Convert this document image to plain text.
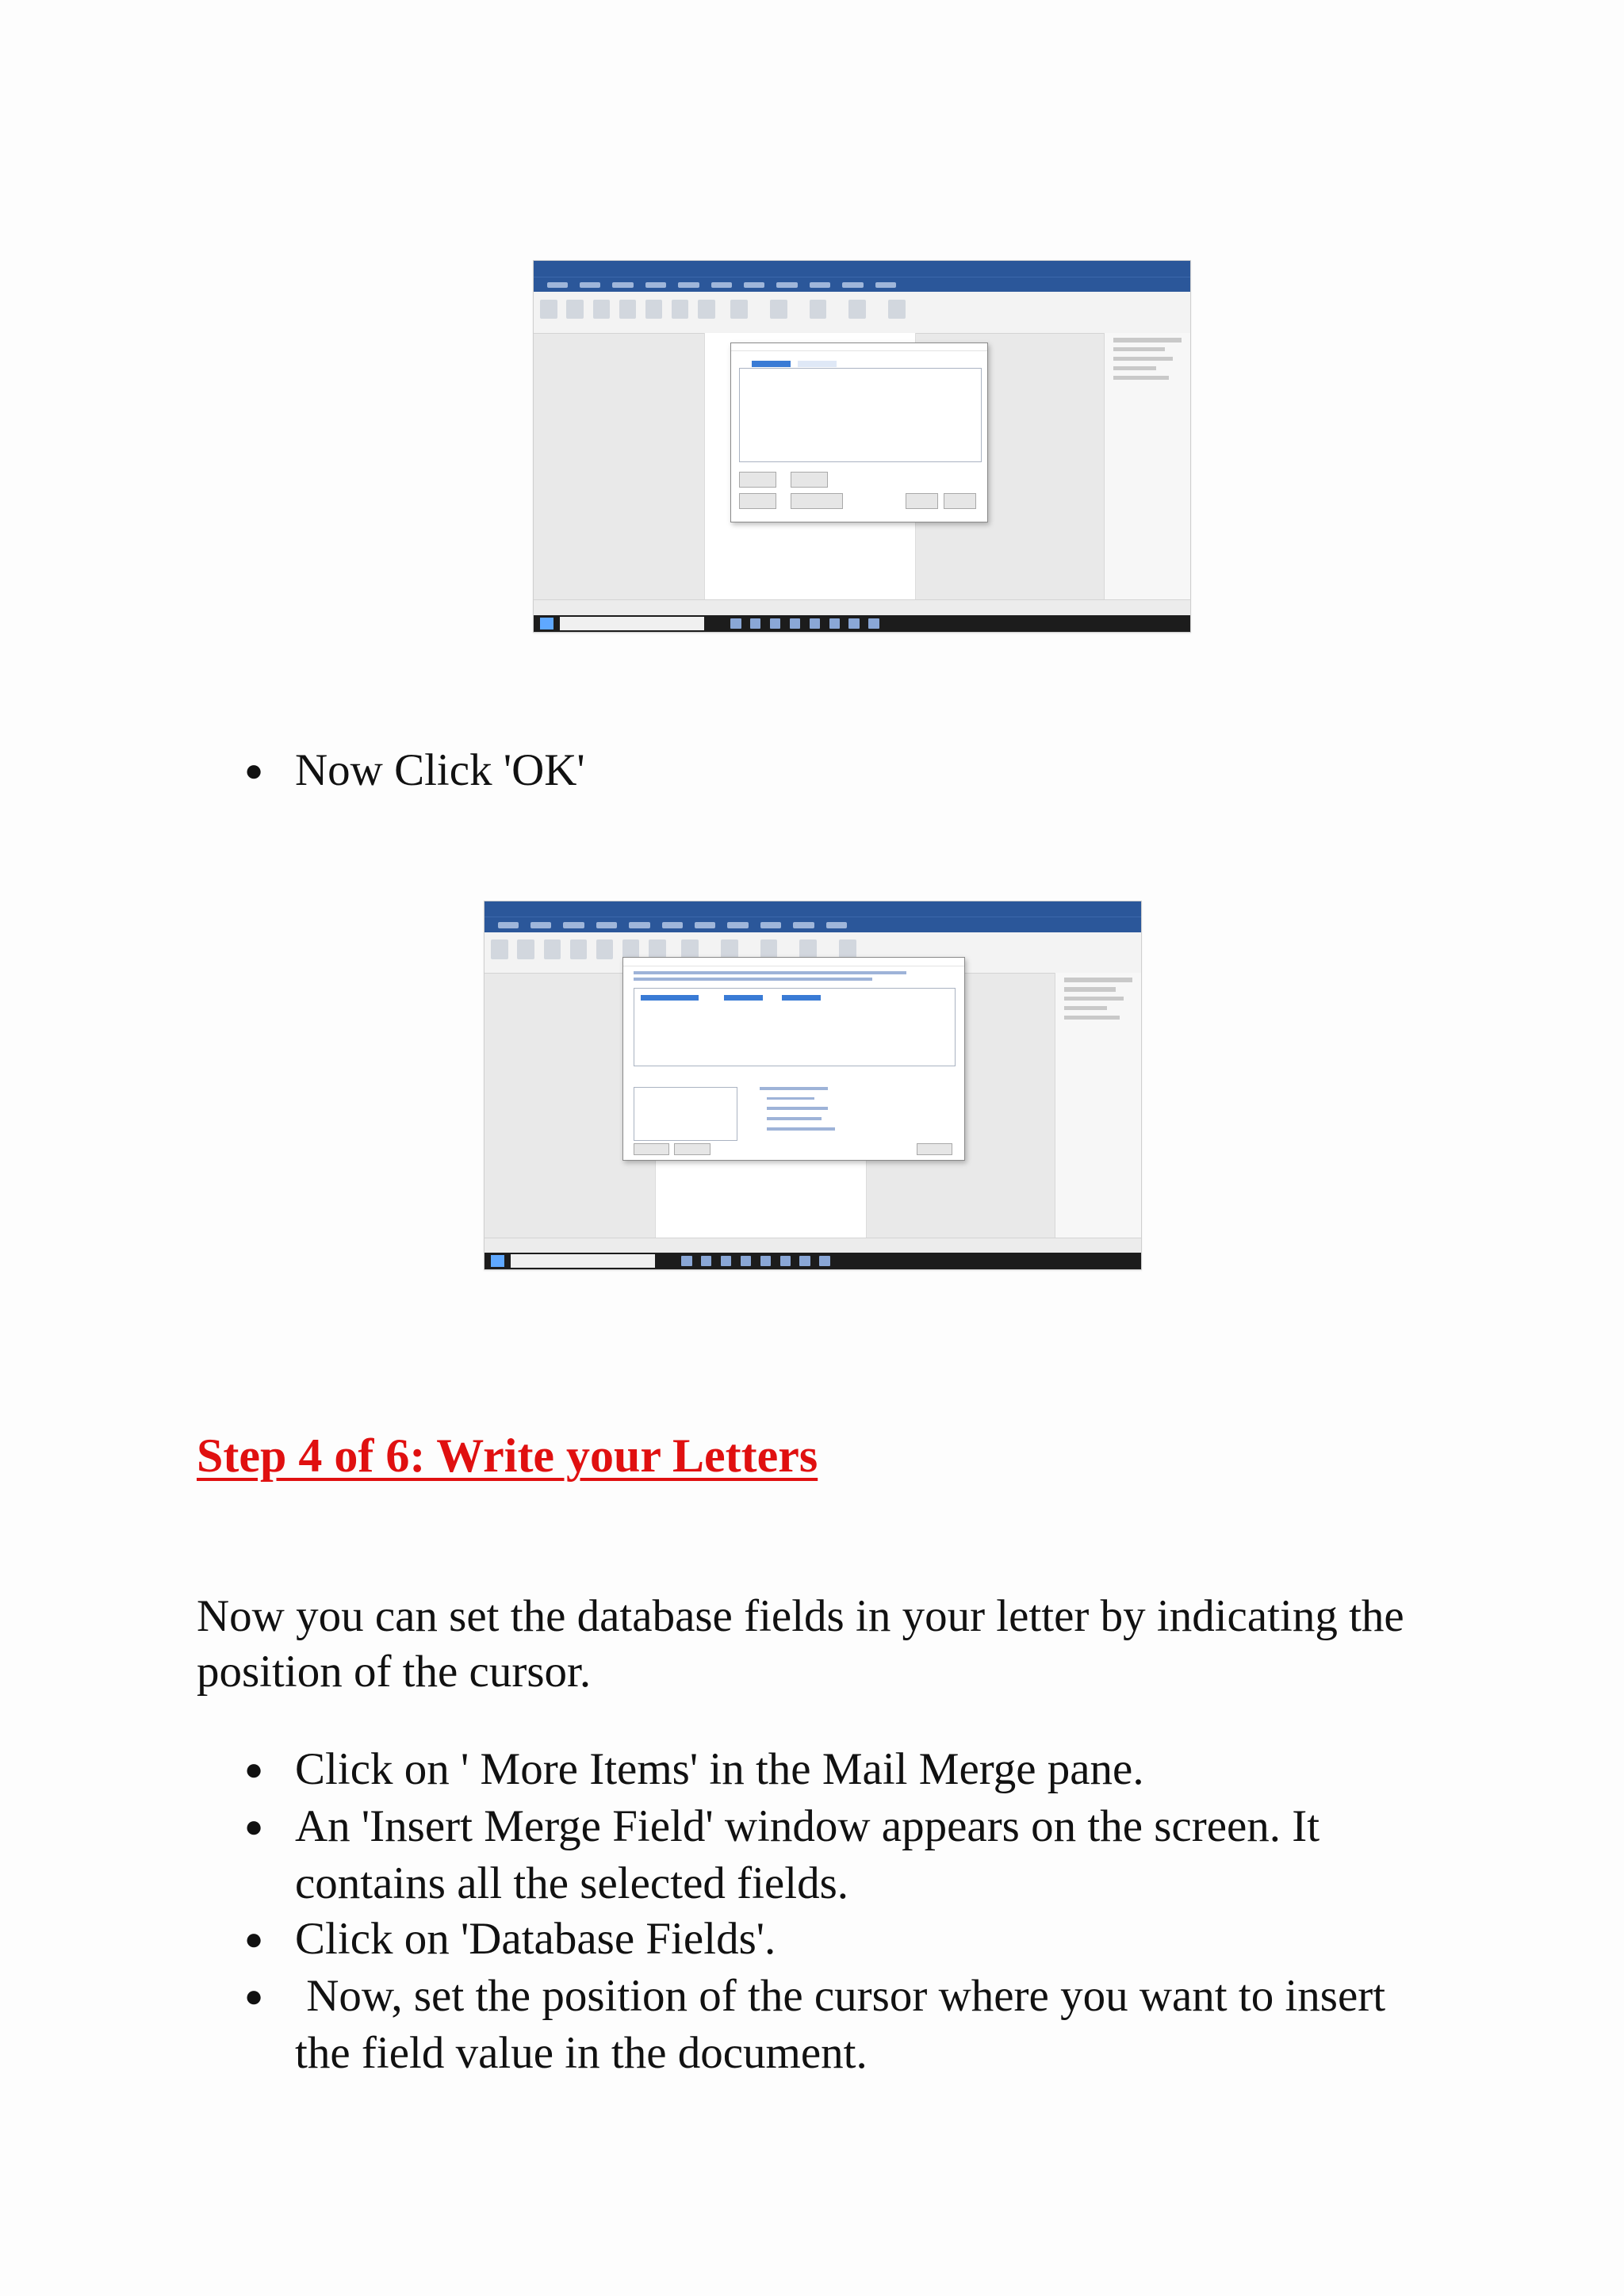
● Now Click 'OK'
Step 4 of 6: Write your Letters
Now you can set the database fields in your letter by indicating the position of the cursor.
● Click on ' More Items' in the Mail Merge pane.
● An 'Insert Merge Field' window appears on the screen. It contains all the selected fields.
● Click on 'Database Fields'.
● Now, set the position of the cursor where you want to insert the field value in the document.
